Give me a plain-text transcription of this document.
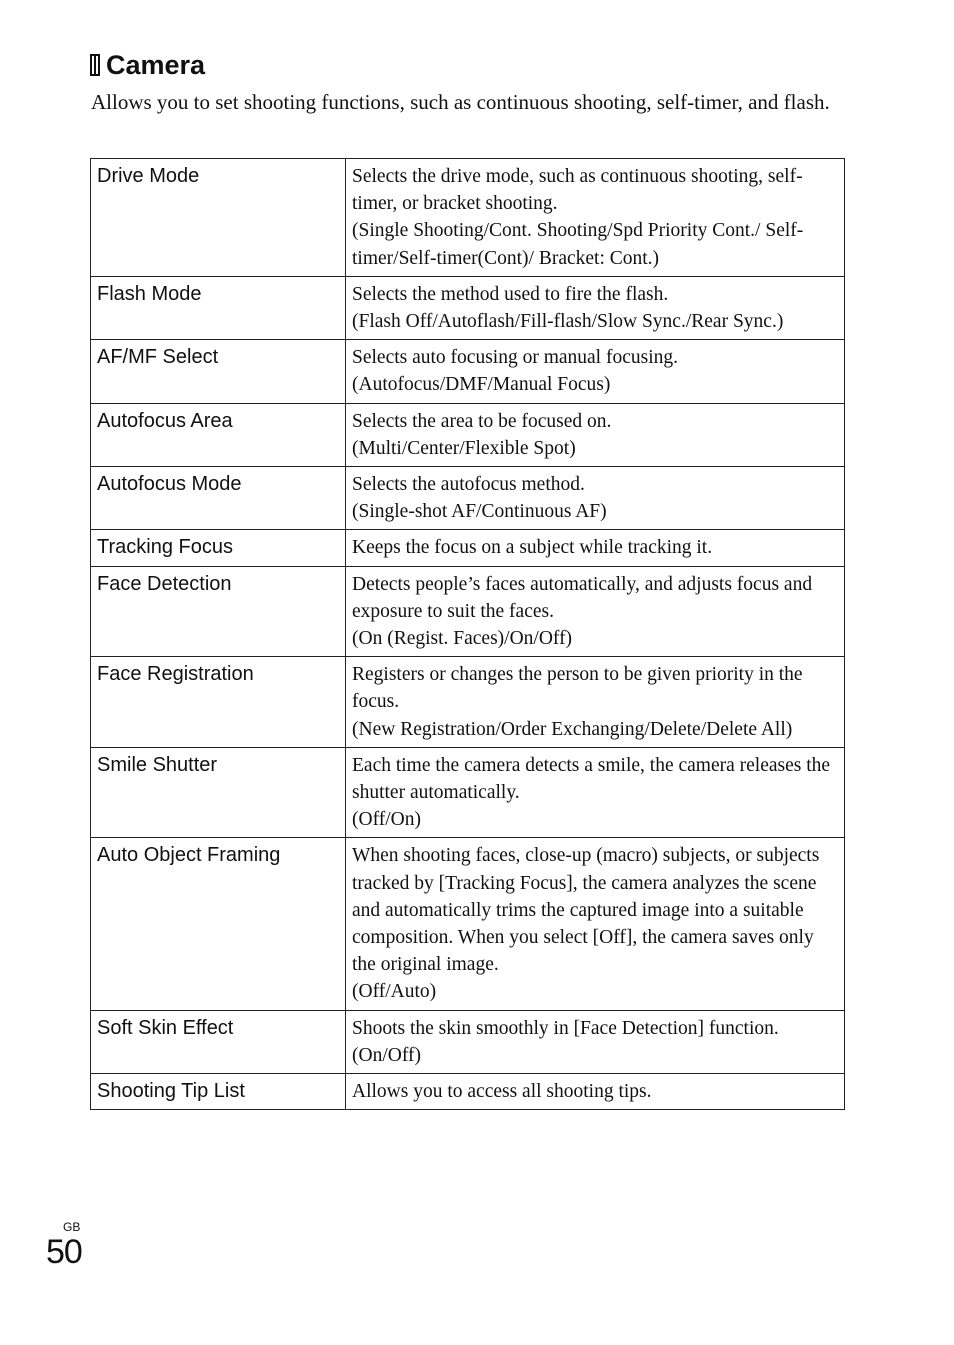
Camera

Allows you to set shooting functions, such as continuous shooting, self-timer, and flash.

Drive Mode	Selects the drive mode, such as continuous shooting, self-timer, or bracket shooting.
(Single Shooting/Cont. Shooting/Spd Priority Cont./ Self-timer/Self-timer(Cont)/ Bracket: Cont.)

Flash Mode	Selects the method used to fire the flash.
(Flash Off/Autoflash/Fill-flash/Slow Sync./Rear Sync.)

AF/MF Select	Selects auto focusing or manual focusing.
(Autofocus/DMF/Manual Focus)

Autofocus Area	Selects the area to be focused on.
(Multi/Center/Flexible Spot)

Autofocus Mode	Selects the autofocus method.
(Single-shot AF/Continuous AF)

Tracking Focus	Keeps the focus on a subject while tracking it.

Face Detection	Detects people’s faces automatically, and adjusts focus and exposure to suit the faces.
(On (Regist. Faces)/On/Off)

Face Registration	Registers or changes the person to be given priority in the focus.
(New Registration/Order Exchanging/Delete/Delete All)

Smile Shutter	Each time the camera detects a smile, the camera releases the shutter automatically.
(Off/On)

Auto Object Framing	When shooting faces, close-up (macro) subjects, or subjects tracked by [Tracking Focus], the camera analyzes the scene and automatically trims the captured image into a suitable composition. When you select [Off], the camera saves only the original image.
(Off/Auto)

Soft Skin Effect	Shoots the skin smoothly in [Face Detection] function.
(On/Off)

Shooting Tip List	Allows you to access all shooting tips.
GB
50
